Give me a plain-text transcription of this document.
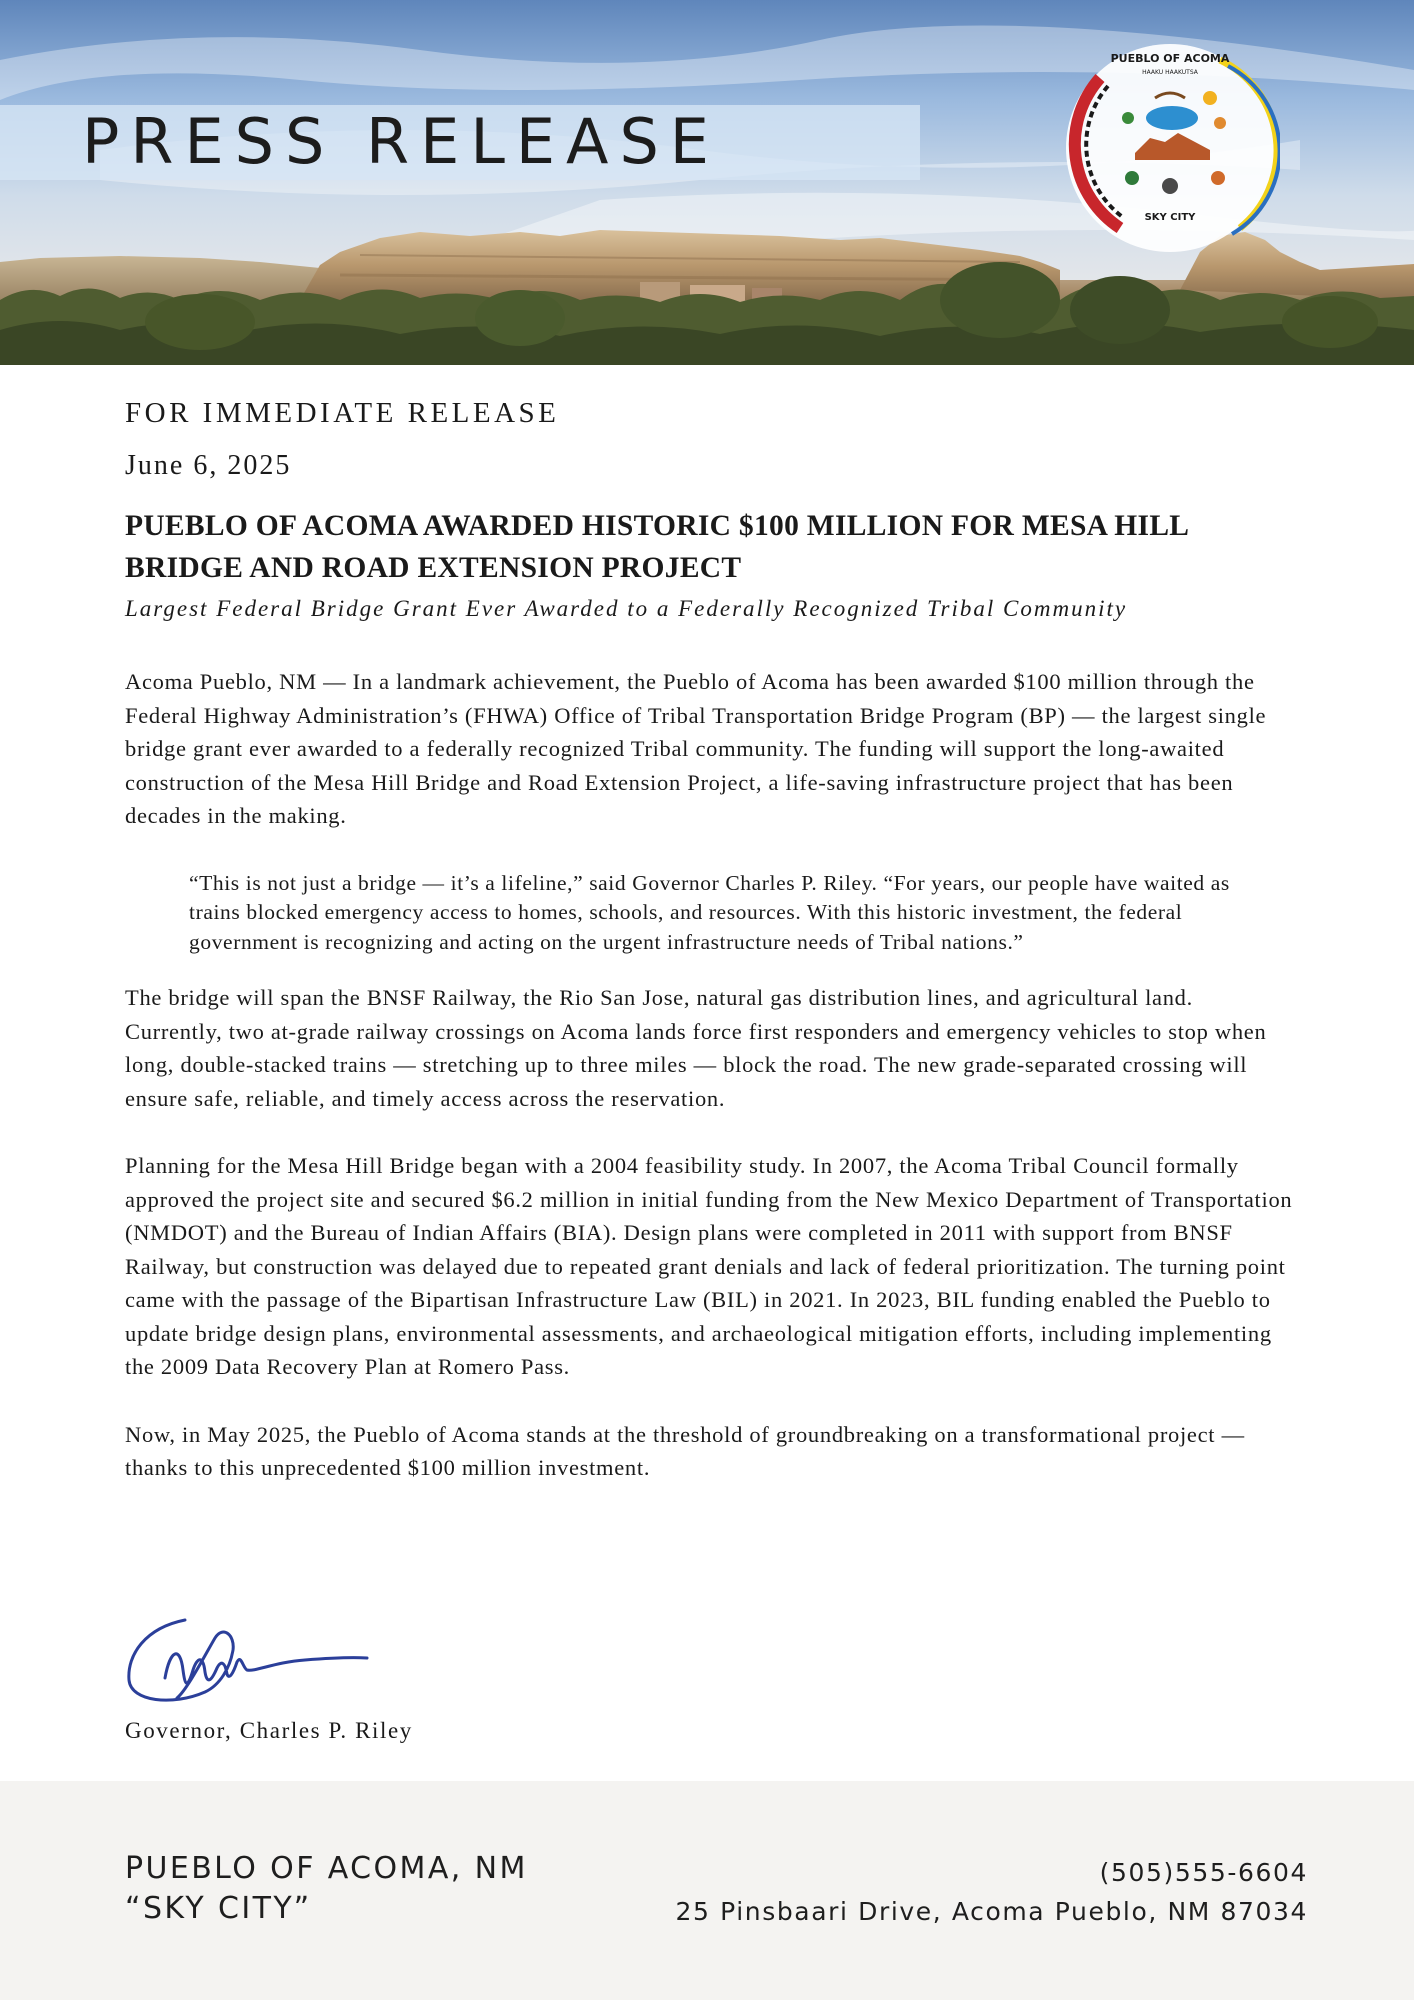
PRESS RELEASE
PUEBLO OF ACOMA
HAAKU HAAKUTSA
SKY CITY

FOR IMMEDIATE RELEASE

June 6, 2025

PUEBLO OF ACOMA AWARDED HISTORIC $100 MILLION FOR MESA HILL BRIDGE AND ROAD EXTENSION PROJECT

Largest Federal Bridge Grant Ever Awarded to a Federally Recognized Tribal Community

Acoma Pueblo, NM — In a landmark achievement, the Pueblo of Acoma has been awarded $100 million through the Federal Highway Administration’s (FHWA) Office of Tribal Transportation Bridge Program (BP) — the largest single bridge grant ever awarded to a federally recognized Tribal community. The funding will support the long-awaited construction of the Mesa Hill Bridge and Road Extension Project, a life-saving infrastructure project that has been decades in the making.

“This is not just a bridge — it’s a lifeline,” said Governor Charles P. Riley. “For years, our people have waited as trains blocked emergency access to homes, schools, and resources. With this historic investment, the federal government is recognizing and acting on the urgent infrastructure needs of Tribal nations.”

The bridge will span the BNSF Railway, the Rio San Jose, natural gas distribution lines, and agricultural land. Currently, two at-grade railway crossings on Acoma lands force first responders and emergency vehicles to stop when long, double-stacked trains — stretching up to three miles — block the road. The new grade-separated crossing will ensure safe, reliable, and timely access across the reservation.

Planning for the Mesa Hill Bridge began with a 2004 feasibility study. In 2007, the Acoma Tribal Council formally approved the project site and secured $6.2 million in initial funding from the New Mexico Department of Transportation (NMDOT) and the Bureau of Indian Affairs (BIA). Design plans were completed in 2011 with support from BNSF Railway, but construction was delayed due to repeated grant denials and lack of federal prioritization. The turning point came with the passage of the Bipartisan Infrastructure Law (BIL) in 2021. In 2023, BIL funding enabled the Pueblo to update bridge design plans, environmental assessments, and archaeological mitigation efforts, including implementing the 2009 Data Recovery Plan at Romero Pass.

Now, in May 2025, the Pueblo of Acoma stands at the threshold of groundbreaking on a transformational project — thanks to this unprecedented $100 million investment.

Governor, Charles P. Riley
PUEBLO OF ACOMA, NM
“SKY CITY”
(505)555-6604
25 Pinsbaari Drive, Acoma Pueblo, NM 87034
